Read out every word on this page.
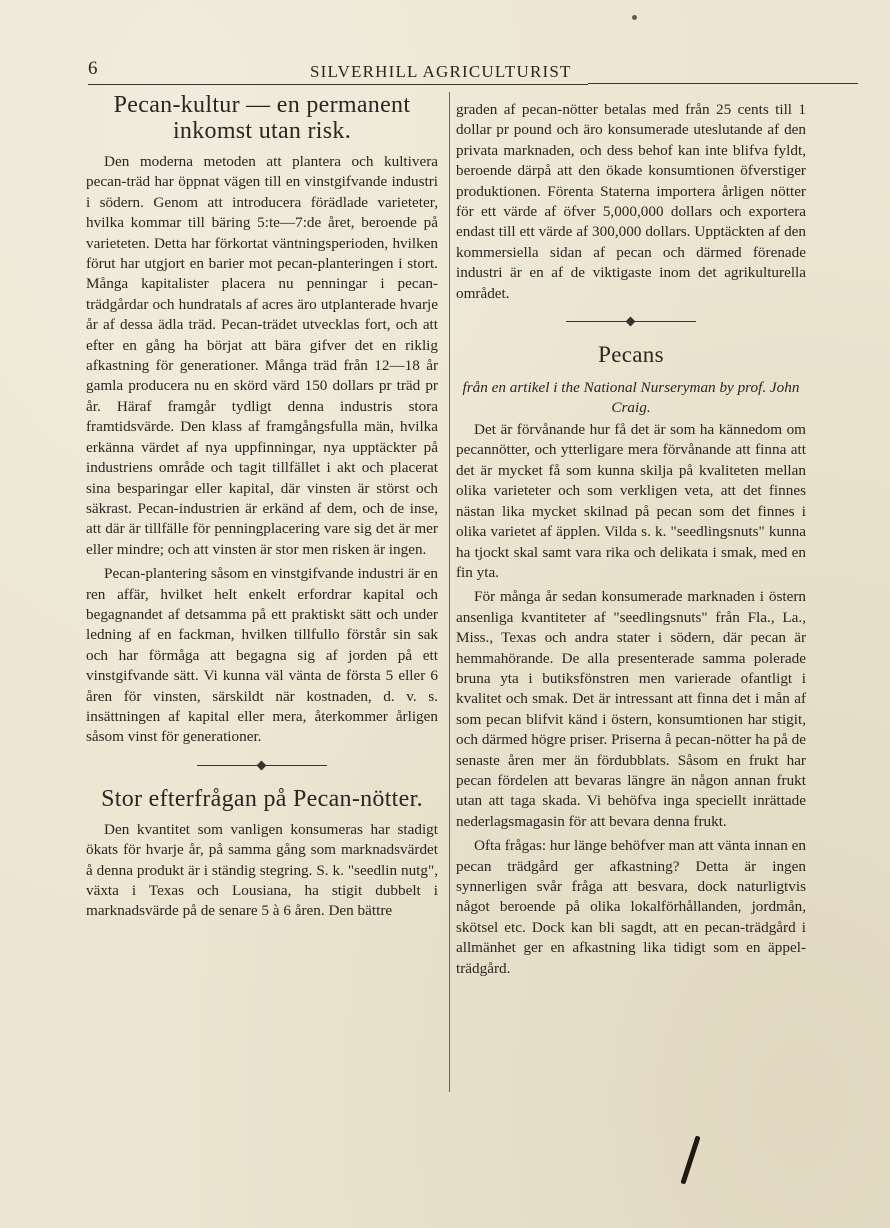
6	SILVERHILL AGRICULTURIST
Pecan-kultur — en permanent inkomst utan risk.

Den moderna metoden att plantera och kultivera pecan-träd har öppnat vägen till en vinstgifvande industri i södern. Genom att introducera förädlade varieteter, hvilka kommar till bäring 5:te—7:de året, beroende på varieteten. Detta har förkortat väntningsperioden, hvilken förut har utgjort en barier mot pecan-planteringen i stort. Många kapitalister placera nu penningar i pecan-trädgårdar och hundratals af acres äro utplanterade hvarje år af dessa ädla träd. Pecan-trädet utvecklas fort, och att efter en gång ha börjat att bära gifver det en riklig afkastning för generationer. Många träd från 12—18 år gamla producera nu en skörd värd 150 dollars pr träd pr år. Häraf framgår tydligt denna industris stora framtidsvärde. Den klass af framgångsfulla män, hvilka erkänna värdet af nya uppfinningar, nya upptäckter på industriens område och tagit tillfället i akt och placerat sina besparingar eller kapital, där vinsten är störst och säkrast. Pecan-industrien är erkänd af dem, och de inse, att där är tillfälle för penningplacering vare sig det är mer eller mindre; och att vinsten är stor men risken är ingen.

Pecan-plantering såsom en vinstgifvande industri är en ren affär, hvilket helt enkelt erfordrar kapital och begagnandet af detsamma på ett praktiskt sätt och under ledning af en fackman, hvilken tillfullo förstår sin sak och har förmåga att begagna sig af jorden på ett vinstgifvande sätt. Vi kunna väl vänta de första 5 eller 6 åren för vinsten, särskildt när kostnaden, d. v. s. insättningen af kapital eller mera, återkommer årligen såsom vinst för generationer.

Stor efterfrågan på Pecan-nötter.

Den kvantitet som vanligen konsumeras har stadigt ökats för hvarje år, på samma gång som marknadsvärdet å denna produkt är i ständig stegring. S. k. "seedlin nutg", växta i Texas och Lousiana, ha stigit dubbelt i marknadsvärde på de senare 5 à 6 åren. Den bättre

graden af pecan-nötter betalas med från 25 cents till 1 dollar pr pound och äro konsumerade uteslutande af den privata marknaden, och dess behof kan inte blifva fyldt, beroende därpå att den ökade konsumtionen öfverstiger produktionen. Förenta Staterna importera årligen nötter för ett värde af öfver 5,000,000 dollars och exportera endast till ett värde af 300,000 dollars. Upptäckten af den kommersiella sidan af pecan och därmed förenade industri är en af de viktigaste inom det agrikulturella området.

Pecans
från en artikel i the National Nurseryman by prof. John Craig.

Det är förvånande hur få det är som ha kännedom om pecannötter, och ytterligare mera förvånande att finna att det är mycket få som kunna skilja på kvaliteten mellan olika varieteter och som verkligen veta, att det finnes nästan lika mycket skilnad på pecan som det finnes i olika varietet af äpplen. Vilda s. k. "seedlingsnuts" kunna ha tjockt skal samt vara rika och delikata i smak, med en fin yta.

För många år sedan konsumerade marknaden i östern ansenliga kvantiteter af "seedlingsnuts" från Fla., La., Miss., Texas och andra stater i södern, där pecan är hemmahörande. De alla presenterade samma polerade bruna yta i butiksfönstren men varierade ofantligt i kvalitet och smak. Det är intressant att finna det i mån af som pecan blifvit känd i östern, konsumtionen har stigit, och därmed högre priser. Priserna å pecan-nötter ha på de senaste åren mer än fördubblats. Såsom en frukt har pecan fördelen att bevaras längre än någon annan frukt utan att taga skada. Vi behöfva inga speciellt inrättade nederlagsmagasin för att bevara denna frukt.

Ofta frågas: hur länge behöfver man att vänta innan en pecan trädgård ger afkastning? Detta är ingen synnerligen svår fråga att besvara, dock naturligtvis något beroende på olika lokalförhållanden, jordmån, skötsel etc. Dock kan bli sagdt, att en pecan-trädgård i allmänhet ger en afkastning lika tidigt som en äppel-trädgård.
